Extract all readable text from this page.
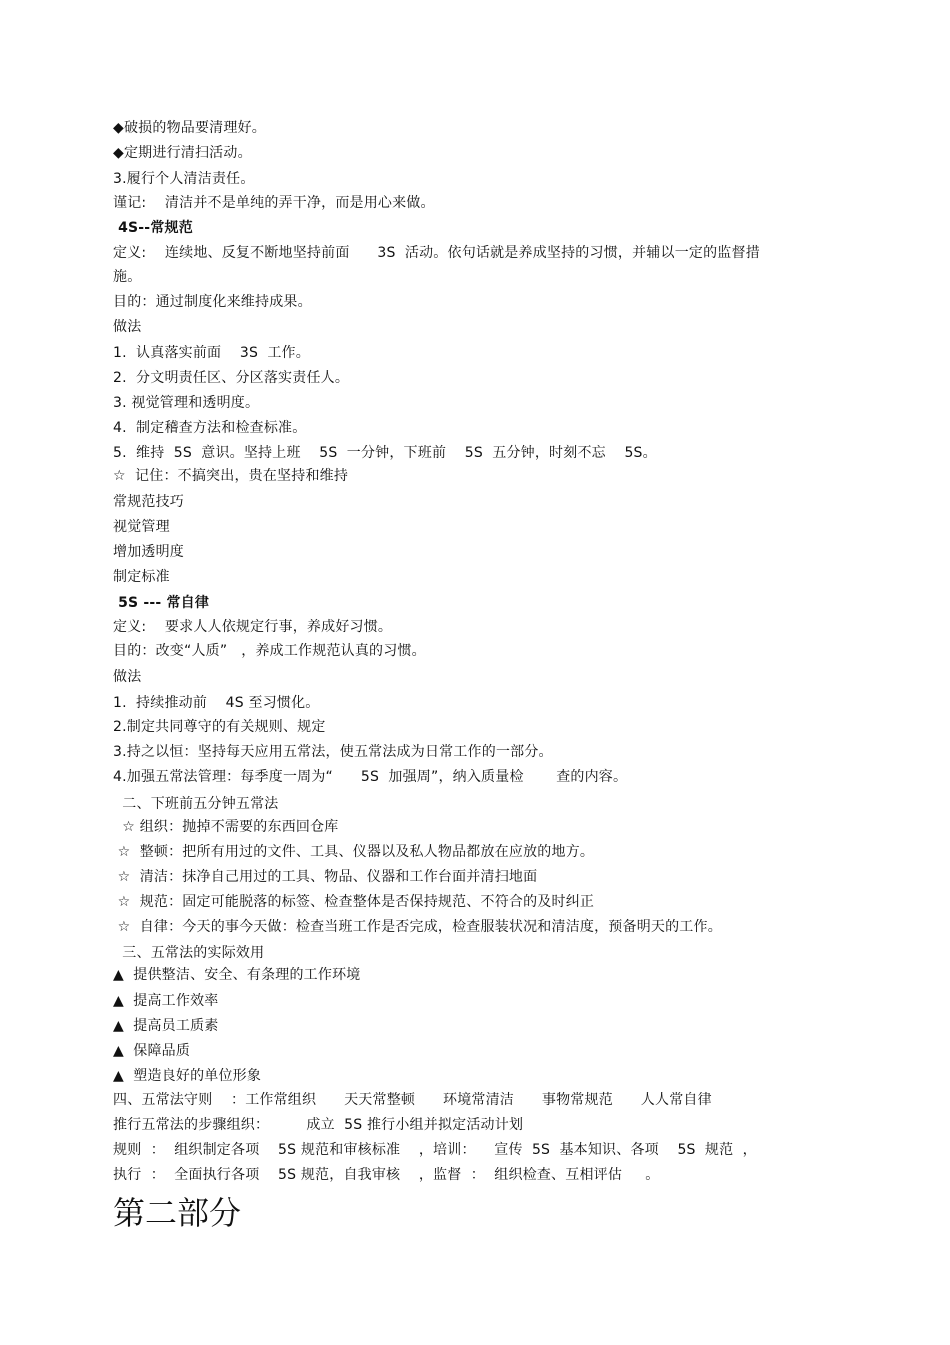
◆破损的物品要清理好。
◆定期进行清扫活动。
3.履行个人清洁责任。
谨记:    清洁并不是单纯的弄干净，而是用心来做。
4S--常规范
定义:    连续地、反复不断地坚持前面      3S  活动。依句话就是养成坚持的习惯，并辅以一定的监督措
施。
目的：通过制度化来维持成果。
做法
1.  认真落实前面    3S  工作。
2.  分文明责任区、分区落实责任人。
3. 视觉管理和透明度。
4.  制定稽查方法和检查标准。
5.  维持  5S  意识。坚持上班    5S  一分钟，下班前    5S  五分钟，时刻不忘    5S。
☆  记住：不搞突出，贵在坚持和维持
常规范技巧
视觉管理
增加透明度
制定标准
5S --- 常自律
定义:    要求人人依规定行事，养成好习惯。
目的：改变“人质”   ，养成工作规范认真的习惯。
做法
1.  持续推动前    4S 至习惯化。
2.制定共同尊守的有关规则、规定
3.持之以恒：坚持每天应用五常法，使五常法成为日常工作的一部分。
4.加强五常法管理：每季度一周为“      5S  加强周”，纳入质量检       查的内容。
二、下班前五分钟五常法
☆ 组织：抛掉不需要的东西回仓库
☆  整顿：把所有用过的文件、工具、仪器以及私人物品都放在应放的地方。
☆  清洁：抹净自己用过的工具、物品、仪器和工作台面并清扫地面
☆  规范：固定可能脱落的标签、检查整体是否保持规范、不符合的及时纠正
☆  自律：今天的事今天做：检查当班工作是否完成，检查服装状况和清洁度，预备明天的工作。
三、五常法的实际效用
▲  提供整洁、安全、有条理的工作环境
▲  提高工作效率
▲  提高员工质素
▲  保障品质
▲  塑造良好的单位形象
四、五常法守则    ：工作常组织      天天常整顿      环境常清洁      事物常规范      人人常自律
推行五常法的步骤组织：        成立  5S 推行小组并拟定活动计划
规则  ：  组织制定各项    5S 规范和审核标准    ，培训：    宣传  5S  基本知识、各项    5S  规范  ，
执行  ：  全面执行各项    5S 规范，自我审核    ，监督  ：  组织检查、互相评估     。
第二部分
